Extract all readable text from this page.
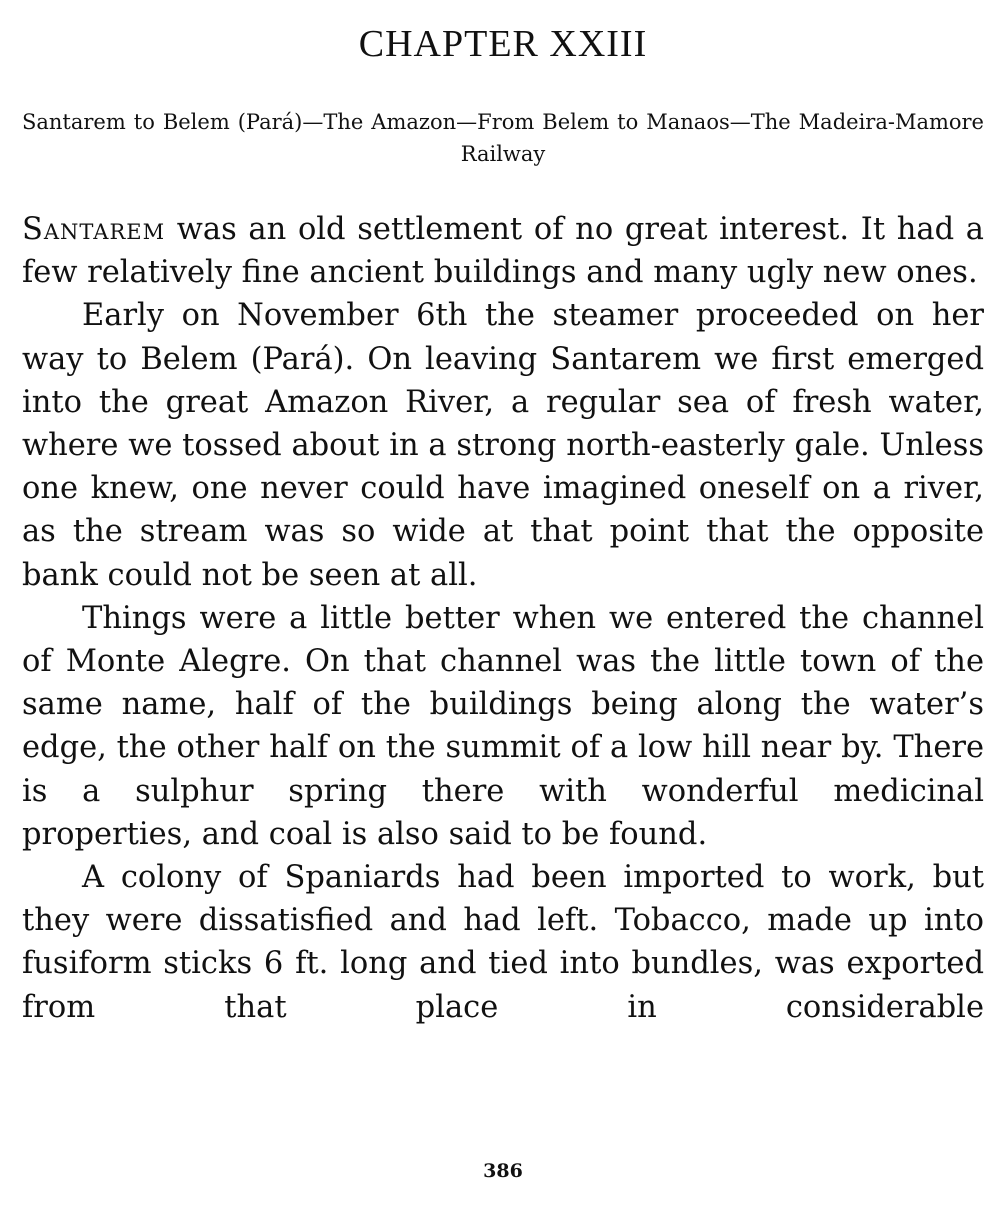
CHAPTER XXIII

Santarem to Belem (Pará)—The Amazon—From Belem to Manaos—The Madeira-Mamore Railway

Santarem was an old settlement of no great interest. It had a few relatively fine ancient buildings and many ugly new ones.

Early on November 6th the steamer proceeded on her way to Belem (Pará). On leaving Santarem we first emerged into the great Amazon River, a regular sea of fresh water, where we tossed about in a strong north-easterly gale. Unless one knew, one never could have imagined oneself on a river, as the stream was so wide at that point that the opposite bank could not be seen at all.

Things were a little better when we entered the channel of Monte Alegre. On that channel was the little town of the same name, half of the buildings being along the water’s edge, the other half on the summit of a low hill near by. There is a sulphur spring there with wonderful medicinal properties, and coal is also said to be found.

A colony of Spaniards had been imported to work, but they were dissatisfied and had left. Tobacco, made up into fusiform sticks 6 ft. long and tied into bundles, was exported from that place in considerable

386
